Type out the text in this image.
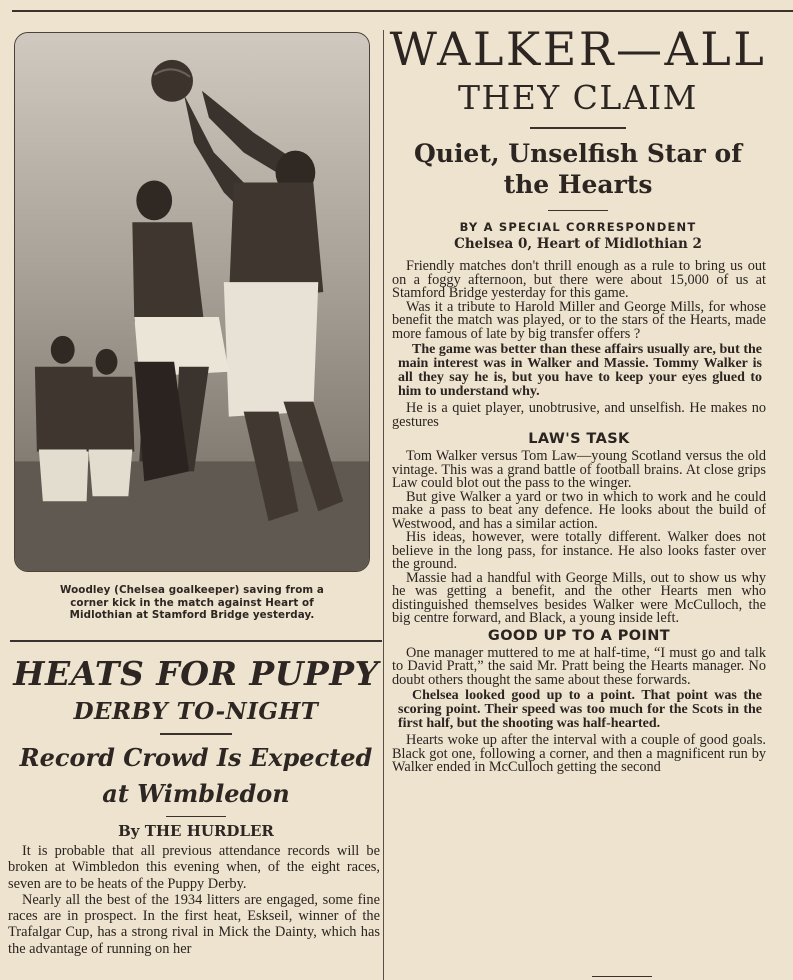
Woodley (Chelsea goalkeeper) saving from a
corner kick in the match against Heart of
Midlothian at Stamford Bridge yesterday.
HEATS FOR PUPPY
DERBY TO-NIGHT
Record Crowd Is Expected
at Wimbledon
By THE HURDLER

It is probable that all previous attendance records will be broken at Wimbledon this evening when, of the eight races, seven are to be heats of the Puppy Derby.

Nearly all the best of the 1934 litters are engaged, some fine races are in prospect. In the first heat, Eskseil, winner of the Trafalgar Cup, has a strong rival in Mick the Dainty, which has the advantage of running on her

WALKER—ALL
THEY CLAIM
Quiet, Unselfish Star of
the Hearts
BY A SPECIAL CORRESPONDENT
Chelsea 0, Heart of Midlothian 2

Friendly matches don't thrill enough as a rule to bring us out on a foggy afternoon, but there were about 15,000 of us at Stamford Bridge yesterday for this game.

Was it a tribute to Harold Miller and George Mills, for whose benefit the match was played, or to the stars of the Hearts, made more famous of late by big transfer offers ?

The game was better than these affairs usually are, but the main interest was in Walker and Massie. Tommy Walker is all they say he is, but you have to keep your eyes glued to him to understand why.

He is a quiet player, unobtrusive, and unselfish. He makes no gestures

LAW'S TASK

Tom Walker versus Tom Law—young Scotland versus the old vintage. This was a grand battle of football brains. At close grips Law could blot out the pass to the winger.

But give Walker a yard or two in which to work and he could make a pass to beat any defence. He looks about the build of Westwood, and has a similar action.

His ideas, however, were totally different. Walker does not believe in the long pass, for instance. He also looks faster over the ground.

Massie had a handful with George Mills, out to show us why he was getting a benefit, and the other Hearts men who distinguished themselves besides Walker were McCulloch, the big centre forward, and Black, a young inside left.

GOOD UP TO A POINT

One manager muttered to me at half-time, “I must go and talk to David Pratt,” the said Mr. Pratt being the Hearts manager. No doubt others thought the same about these forwards.

Chelsea looked good up to a point. That point was the scoring point. Their speed was too much for the Scots in the first half, but the shooting was half-hearted.

Hearts woke up after the interval with a couple of good goals. Black got one, following a corner, and then a magnificent run by Walker ended in McCulloch getting the second
